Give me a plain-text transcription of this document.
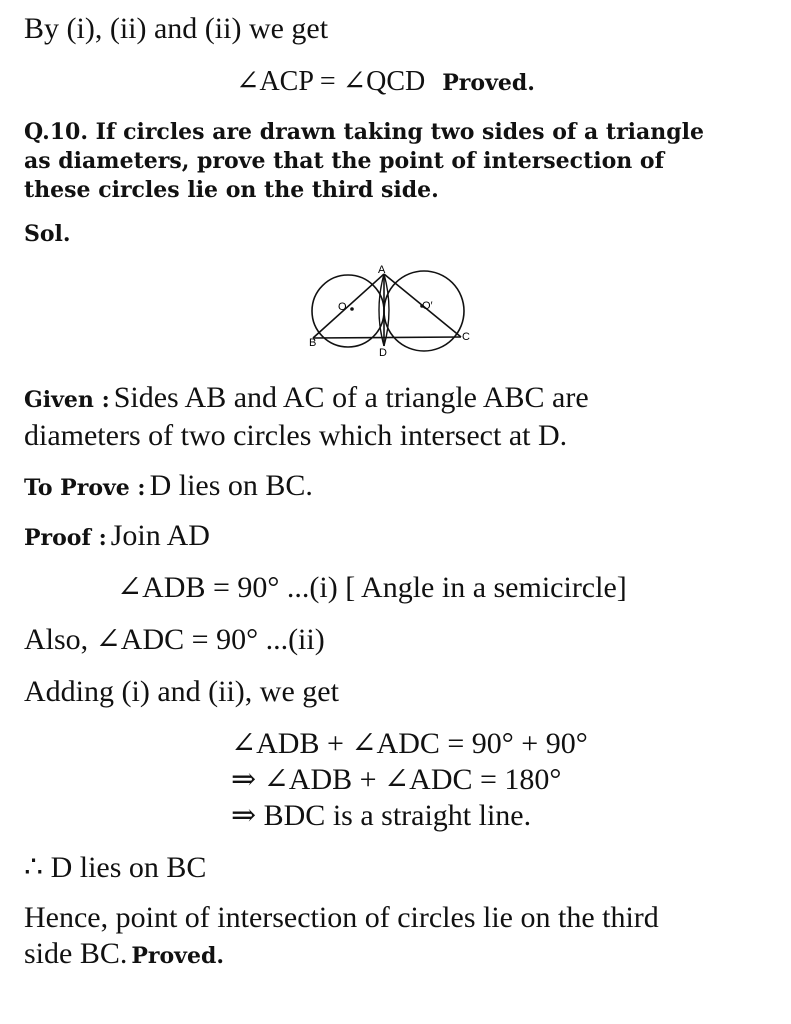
By (i), (ii) and (ii) we get
∠ACP = ∠QCD Proved.
Q.10. If circles are drawn taking two sides of a triangle
as diameters, prove that the point of intersection of
these circles lie on the third side.
Sol.
A
O	O′
B	C
D
Given : Sides AB and AC of a triangle ABC are
diameters of two circles which intersect at D.
To Prove : D lies on BC.
Proof : Join AD
∠ADB = 90° ...(i) [ Angle in a semicircle]
Also, ∠ADC = 90° ...(ii)
Adding (i) and (ii), we get
∠ADB + ∠ADC = 90° + 90°
⇒ ∠ADB + ∠ADC = 180°
⇒ BDC is a straight line.
∴ D lies on BC
Hence, point of intersection of circles lie on the third
side BC. Proved.
